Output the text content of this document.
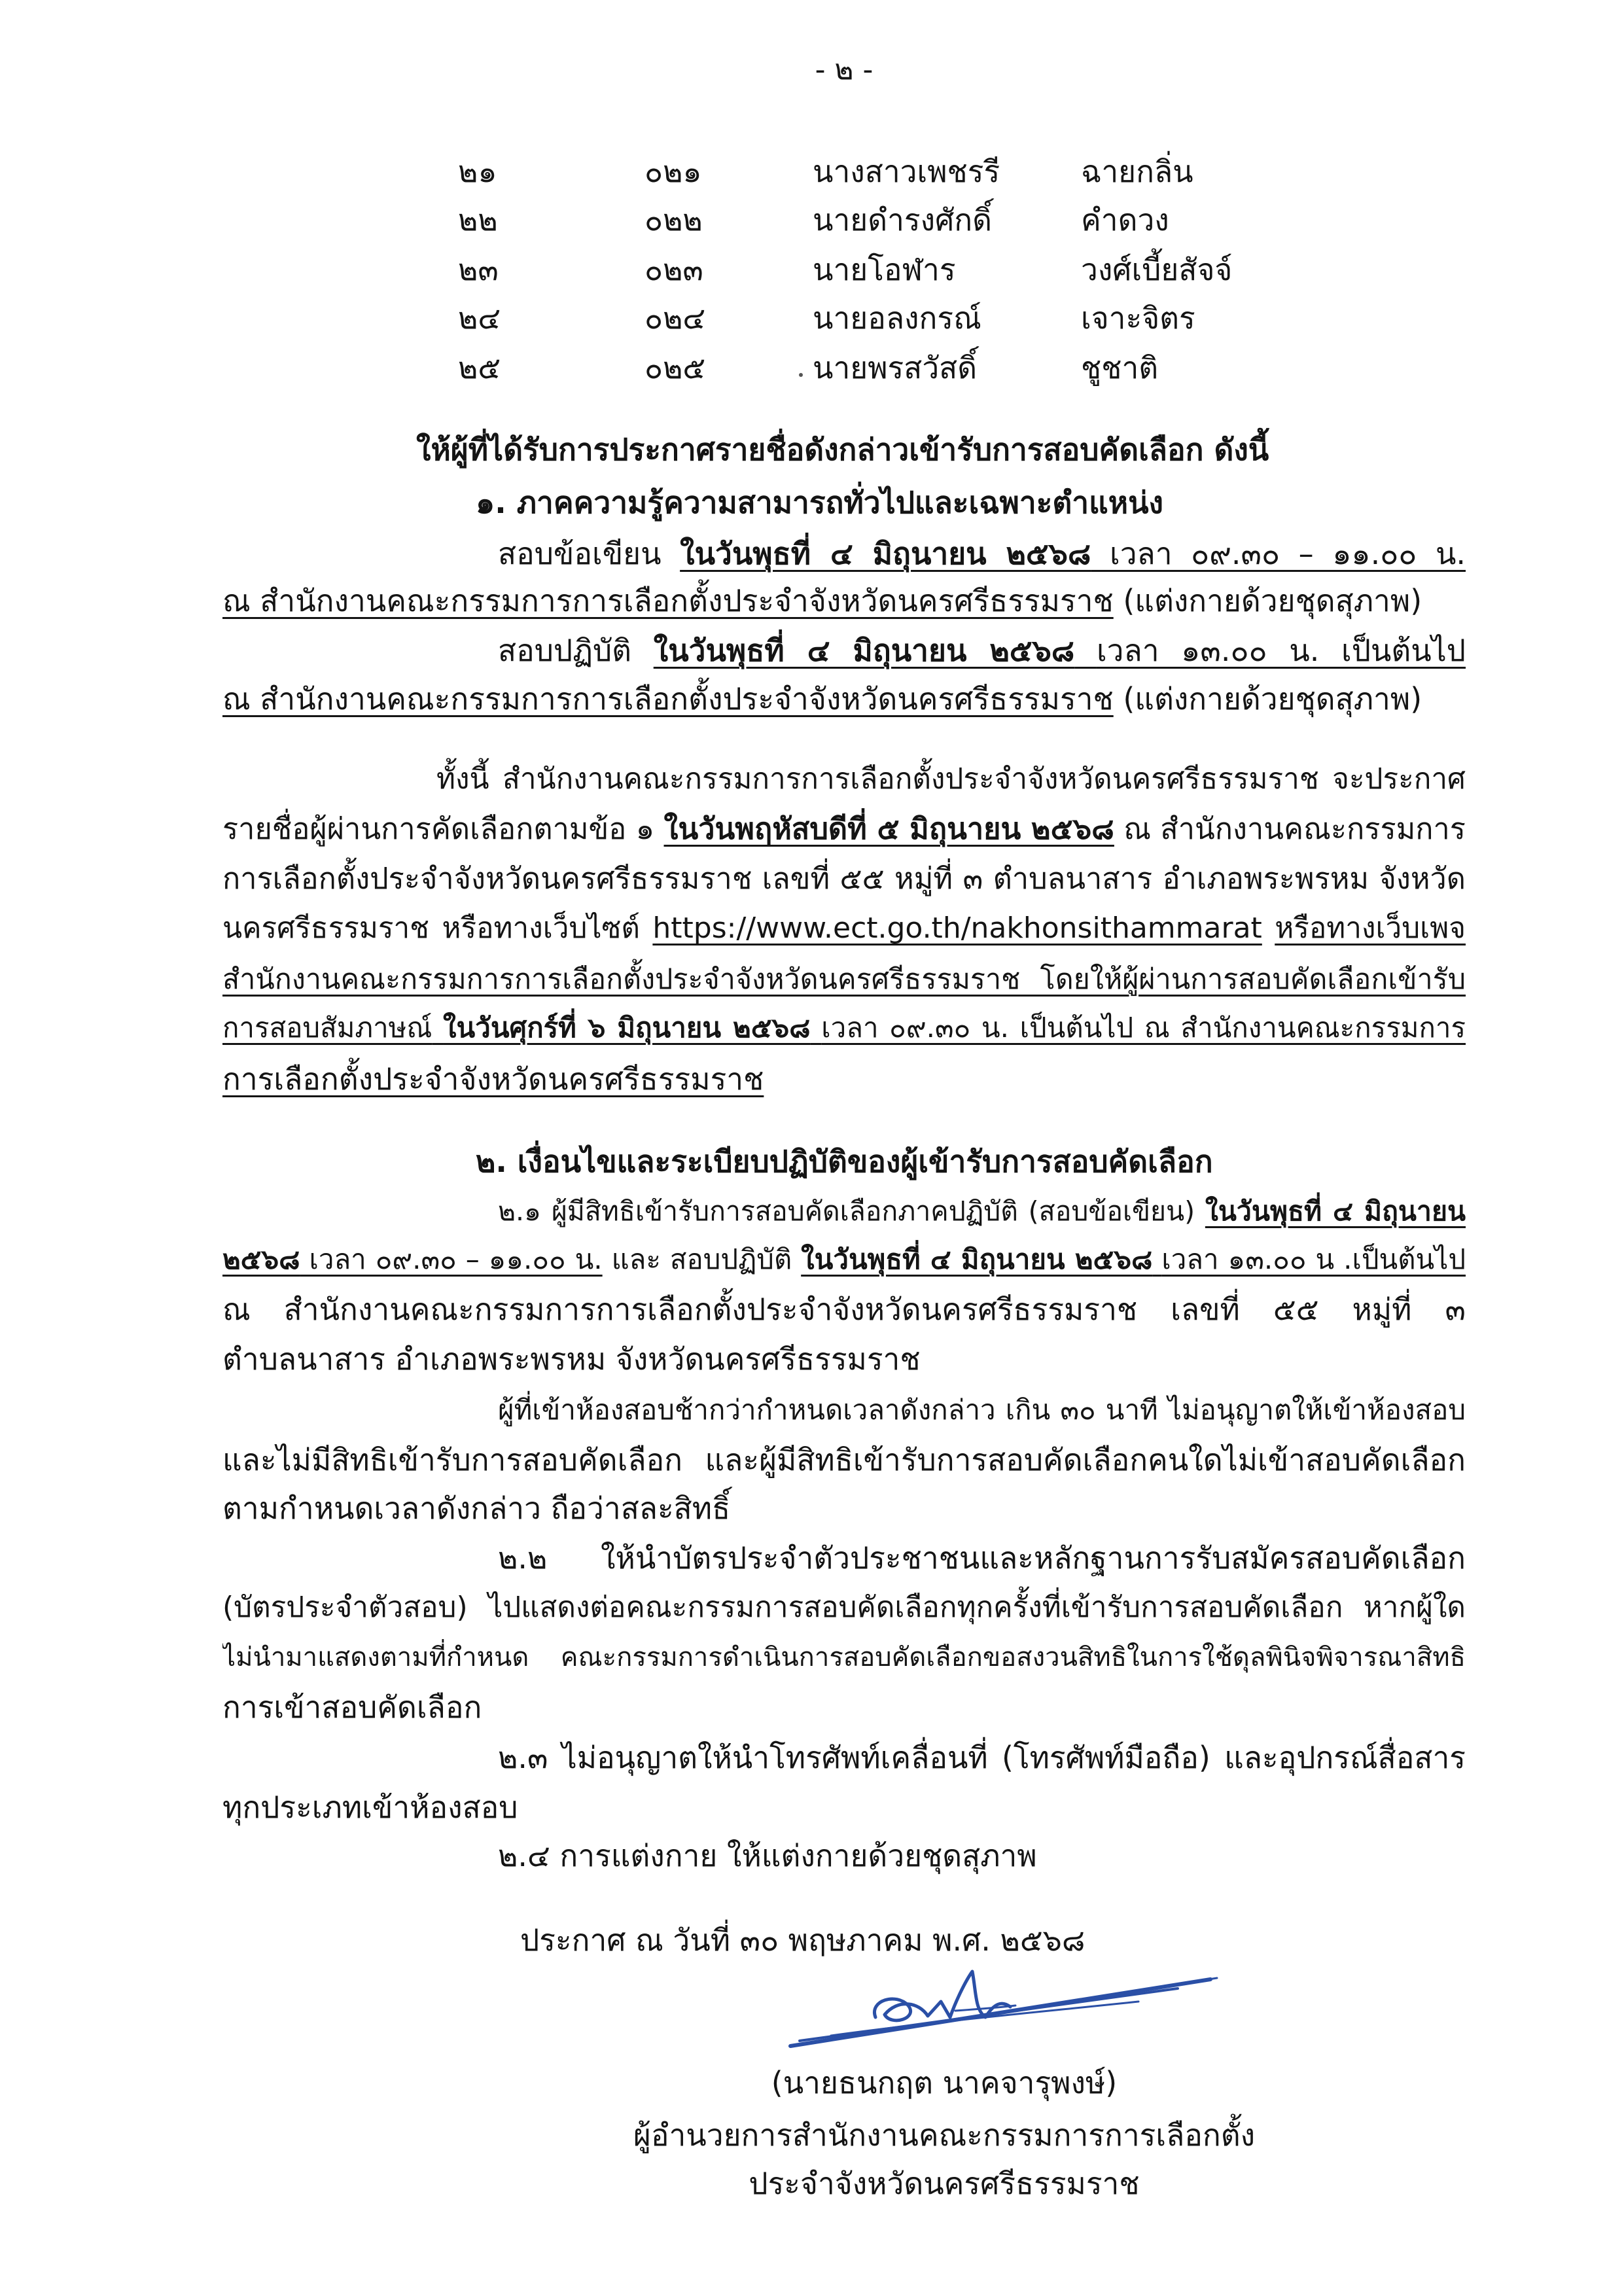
- ๒ -
๒๑	๐๒๑	นางสาวเพชรรี	ฉายกลิ่น
๒๒	๐๒๒	นายดำรงศักดิ์	คำดวง
๒๓	๐๒๓	นายโอฬาร	วงศ์เบี้ยสัจจ์
๒๔	๐๒๔	นายอลงกรณ์	เจาะจิตร
๒๕	๐๒๕	นายพรสวัสดิ์	ชูชาติ
ให้ผู้ที่ได้รับการประกาศรายชื่อดังกล่าวเข้ารับการสอบคัดเลือก ดังนี้
๑. ภาคความรู้ความสามารถทั่วไปและเฉพาะตำแหน่ง
สอบข้อเขียน ในวันพุธที่ ๔ มิถุนายน ๒๕๖๘ เวลา ๐๙.๓๐ – ๑๑.๐๐ น.
ณ สำนักงานคณะกรรมการการเลือกตั้งประจำจังหวัดนครศรีธรรมราช (แต่งกายด้วยชุดสุภาพ)
สอบปฏิบัติ ในวันพุธที่ ๔ มิถุนายน ๒๕๖๘ เวลา ๑๓.๐๐ น. เป็นต้นไป
ณ สำนักงานคณะกรรมการการเลือกตั้งประจำจังหวัดนครศรีธรรมราช (แต่งกายด้วยชุดสุภาพ)
ทั้งนี้ สำนักงานคณะกรรมการการเลือกตั้งประจำจังหวัดนครศรีธรรมราช จะประกาศ
รายชื่อผู้ผ่านการคัดเลือกตามข้อ ๑ ในวันพฤหัสบดีที่ ๕ มิถุนายน ๒๕๖๘ ณ สำนักงานคณะกรรมการ
การเลือกตั้งประจำจังหวัดนครศรีธรรมราช เลขที่ ๕๕ หมู่ที่ ๓ ตำบลนาสาร อำเภอพระพรหม จังหวัด
นครศรีธรรมราช หรือทางเว็บไซต์ https://www.ect.go.th/nakhonsithammarat หรือทางเว็บเพจ
สำนักงานคณะกรรมการการเลือกตั้งประจำจังหวัดนครศรีธรรมราช โดยให้ผู้ผ่านการสอบคัดเลือกเข้ารับ
การสอบสัมภาษณ์ ในวันศุกร์ที่ ๖ มิถุนายน ๒๕๖๘ เวลา ๐๙.๓๐ น. เป็นต้นไป ณ สำนักงานคณะกรรมการ
การเลือกตั้งประจำจังหวัดนครศรีธรรมราช
๒. เงื่อนไขและระเบียบปฏิบัติของผู้เข้ารับการสอบคัดเลือก
๒.๑ ผู้มีสิทธิเข้ารับการสอบคัดเลือกภาคปฏิบัติ (สอบข้อเขียน) ในวันพุธที่ ๔ มิถุนายน
๒๕๖๘ เวลา ๐๙.๓๐ – ๑๑.๐๐ น. และ สอบปฏิบัติ ในวันพุธที่ ๔ มิถุนายน ๒๕๖๘ เวลา ๑๓.๐๐ น .เป็นต้นไป
ณ สำนักงานคณะกรรมการการเลือกตั้งประจำจังหวัดนครศรีธรรมราช เลขที่ ๕๕ หมู่ที่ ๓
ตำบลนาสาร อำเภอพระพรหม จังหวัดนครศรีธรรมราช
ผู้ที่เข้าห้องสอบช้ากว่ากำหนดเวลาดังกล่าว เกิน ๓๐ นาที ไม่อนุญาตให้เข้าห้องสอบ
และไม่มีสิทธิเข้ารับการสอบคัดเลือก และผู้มีสิทธิเข้ารับการสอบคัดเลือกคนใดไม่เข้าสอบคัดเลือก
ตามกำหนดเวลาดังกล่าว ถือว่าสละสิทธิ์
๒.๒ ให้นำบัตรประจำตัวประชาชนและหลักฐานการรับสมัครสอบคัดเลือก
(บัตรประจำตัวสอบ) ไปแสดงต่อคณะกรรมการสอบคัดเลือกทุกครั้งที่เข้ารับการสอบคัดเลือก หากผู้ใด
ไม่นำมาแสดงตามที่กำหนด คณะกรรมการดำเนินการสอบคัดเลือกขอสงวนสิทธิในการใช้ดุลพินิจพิจารณาสิทธิ
การเข้าสอบคัดเลือก
๒.๓ ไม่อนุญาตให้นำโทรศัพท์เคลื่อนที่ (โทรศัพท์มือถือ) และอุปกรณ์สื่อสาร
ทุกประเภทเข้าห้องสอบ
๒.๔ การแต่งกาย ให้แต่งกายด้วยชุดสุภาพ
ประกาศ ณ วันที่ ๓๐ พฤษภาคม พ.ศ. ๒๕๖๘
(นายธนกฤต นาคจารุพงษ์)
ผู้อำนวยการสำนักงานคณะกรรมการการเลือกตั้ง
ประจำจังหวัดนครศรีธรรมราช
